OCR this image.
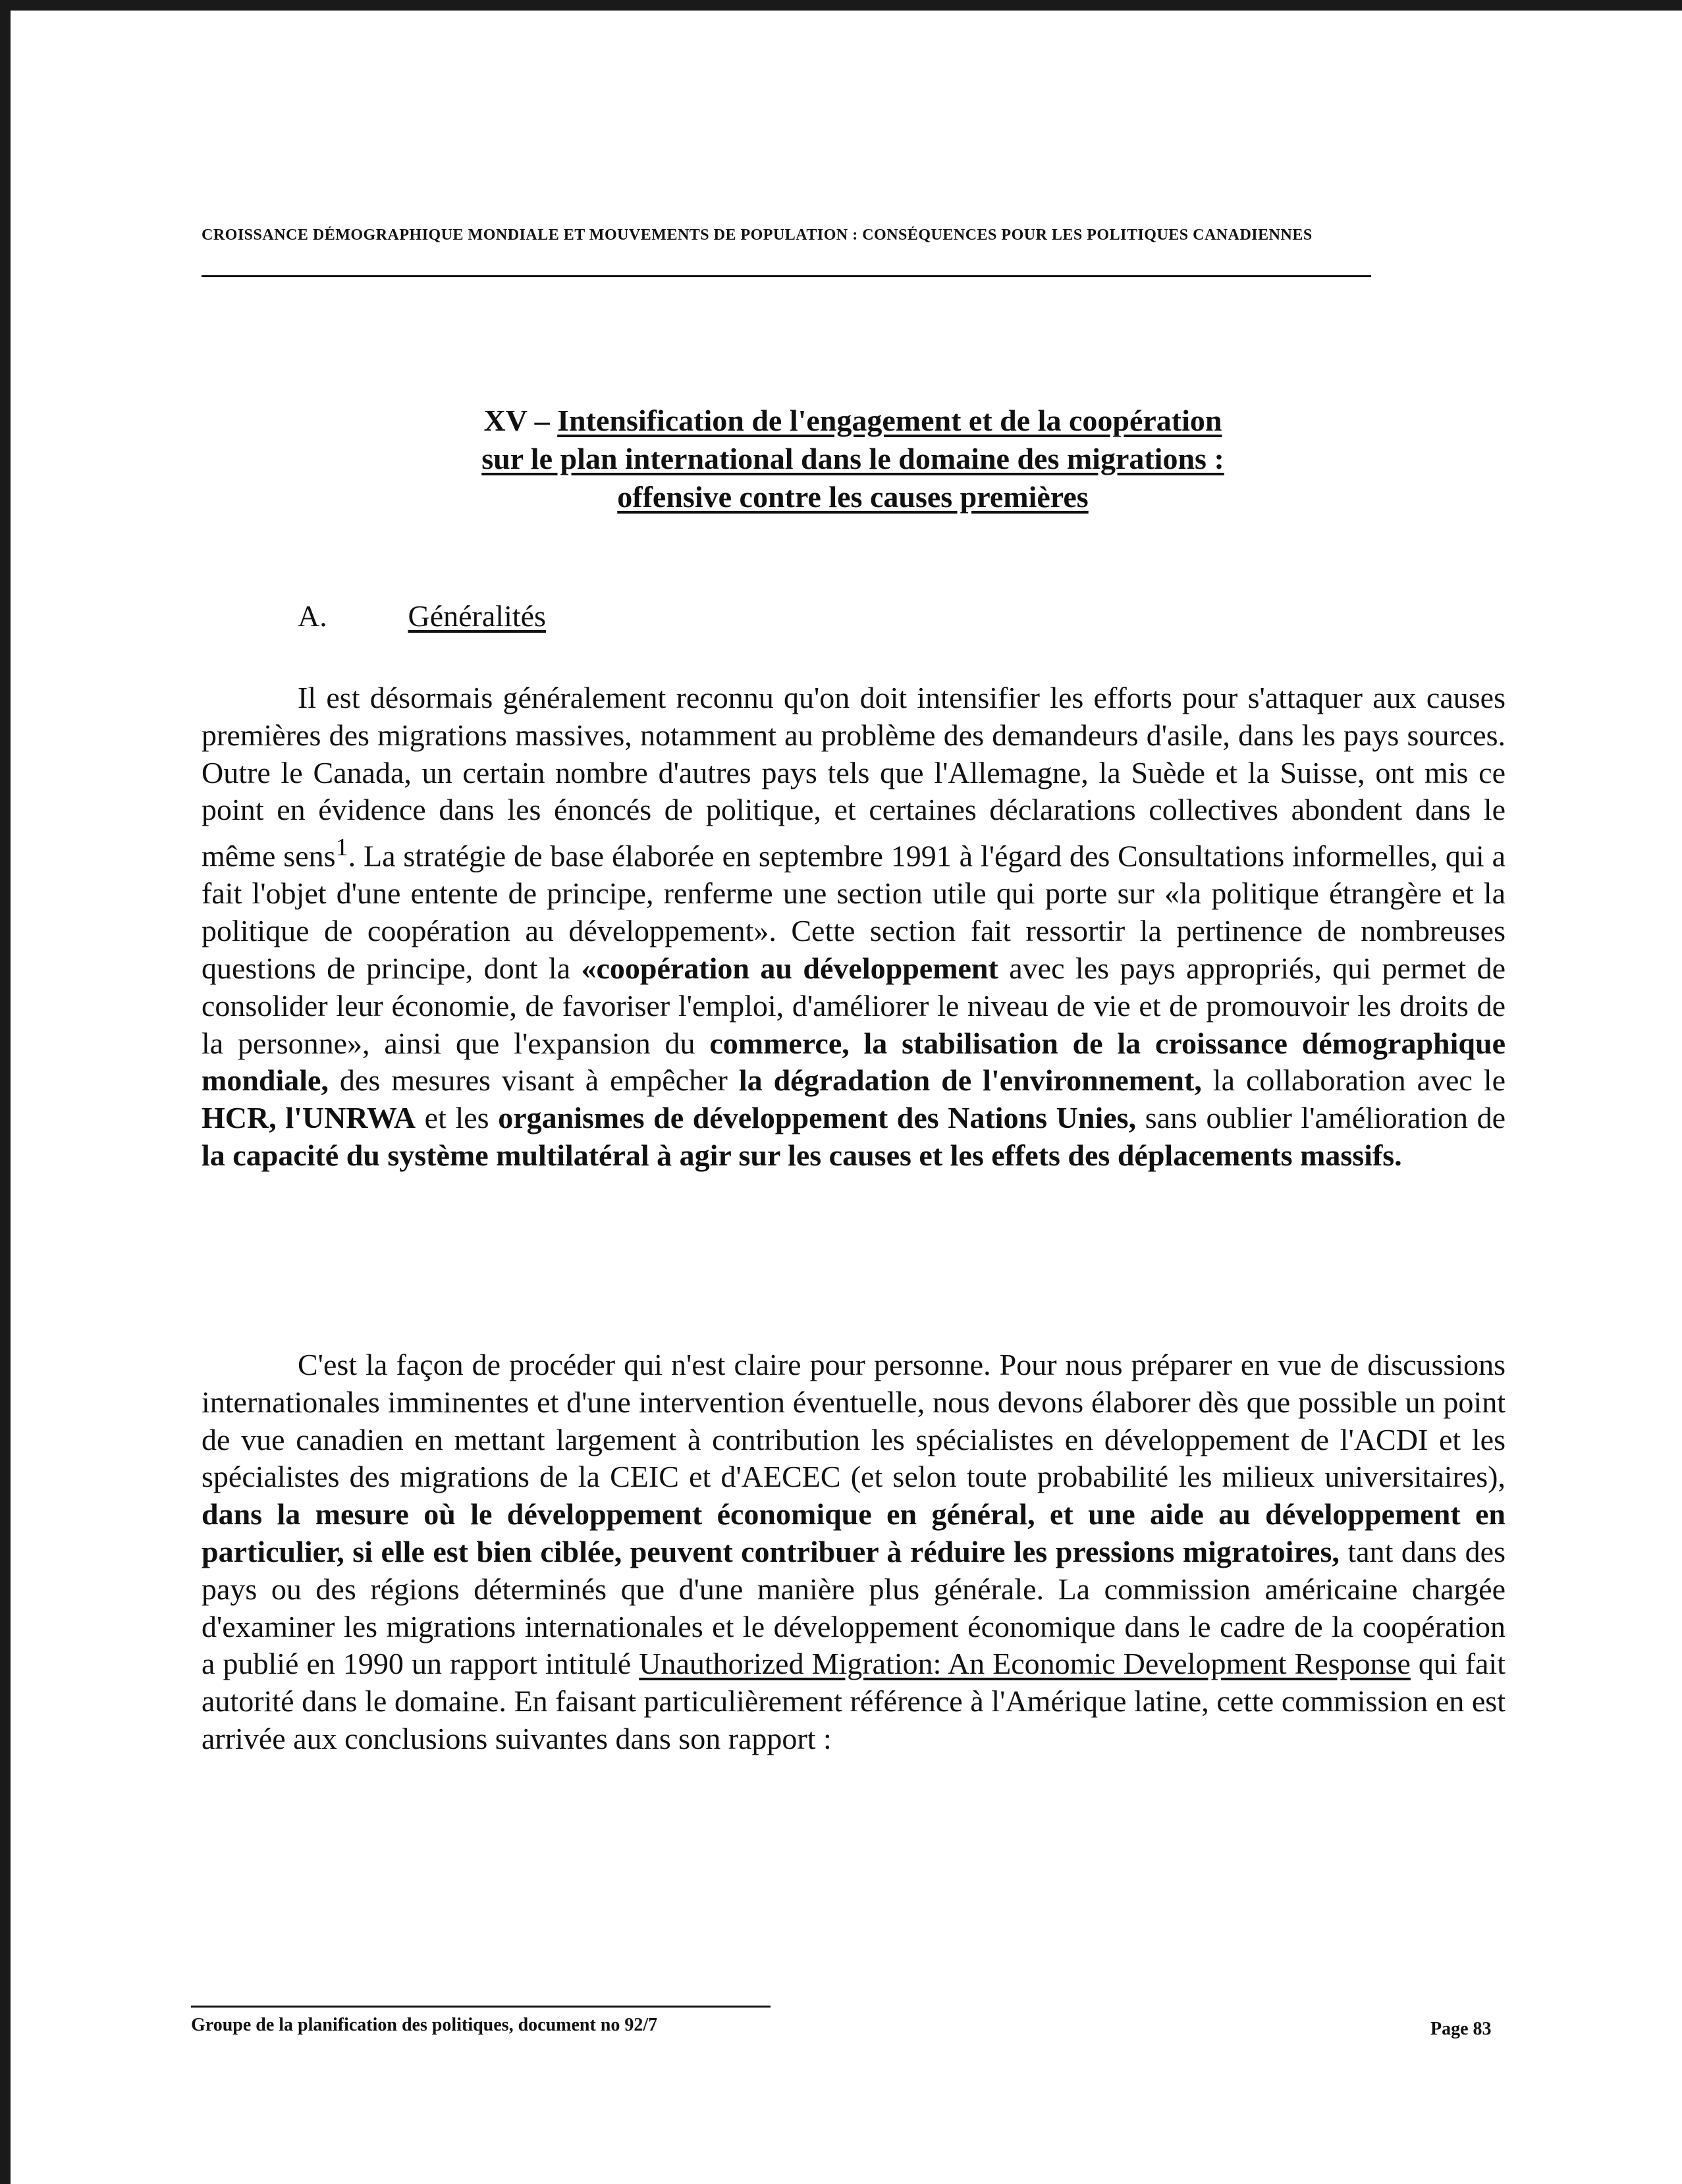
CROISSANCE DÉMOGRAPHIQUE MONDIALE ET MOUVEMENTS DE POPULATION : CONSÉQUENCES POUR LES POLITIQUES CANADIENNES
XV – Intensification de l'engagement et de la coopération
sur le plan international dans le domaine des migrations :
offensive contre les causes premières
A.	Généralités

Il est désormais généralement reconnu qu'on doit intensifier les efforts pour s'attaquer aux causes premières des migrations massives, notamment au problème des demandeurs d'asile, dans les pays sources. Outre le Canada, un certain nombre d'autres pays tels que l'Allemagne, la Suède et la Suisse, ont mis ce point en évidence dans les énoncés de politique, et certaines déclarations collectives abondent dans le même sens$^1$. La stratégie de base élaborée en septembre 1991 à l'égard des Consultations informelles, qui a fait l'objet d'une entente de principe, renferme une section utile qui porte sur «la politique étrangère et la politique de coopération au développement». Cette section fait ressortir la pertinence de nombreuses questions de principe, dont la «coopération au développement avec les pays appropriés, qui permet de consolider leur économie, de favoriser l'emploi, d'améliorer le niveau de vie et de promouvoir les droits de la personne», ainsi que l'expansion du commerce, la stabilisation de la croissance démographique mondiale, des mesures visant à empêcher la dégradation de l'environnement, la collaboration avec le HCR, l'UNRWA et les organismes de développement des Nations Unies, sans oublier l'amélioration de la capacité du système multilatéral à agir sur les causes et les effets des déplacements massifs.

C'est la façon de procéder qui n'est claire pour personne. Pour nous préparer en vue de discussions internationales imminentes et d'une intervention éventuelle, nous devons élaborer dès que possible un point de vue canadien en mettant largement à contribution les spécialistes en développement de l'ACDI et les spécialistes des migrations de la CEIC et d'AECEC (et selon toute probabilité les milieux universitaires), dans la mesure où le développement économique en général, et une aide au développement en particulier, si elle est bien ciblée, peuvent contribuer à réduire les pressions migratoires, tant dans des pays ou des régions déterminés que d'une manière plus générale. La commission américaine chargée d'examiner les migrations internationales et le développement économique dans le cadre de la coopération a publié en 1990 un rapport intitulé Unauthorized Migration: An Economic Development Response qui fait autorité dans le domaine. En faisant particulièrement référence à l'Amérique latine, cette commission en est arrivée aux conclusions suivantes dans son rapport :

Groupe de la planification des politiques, document no 92/7	Page 83
